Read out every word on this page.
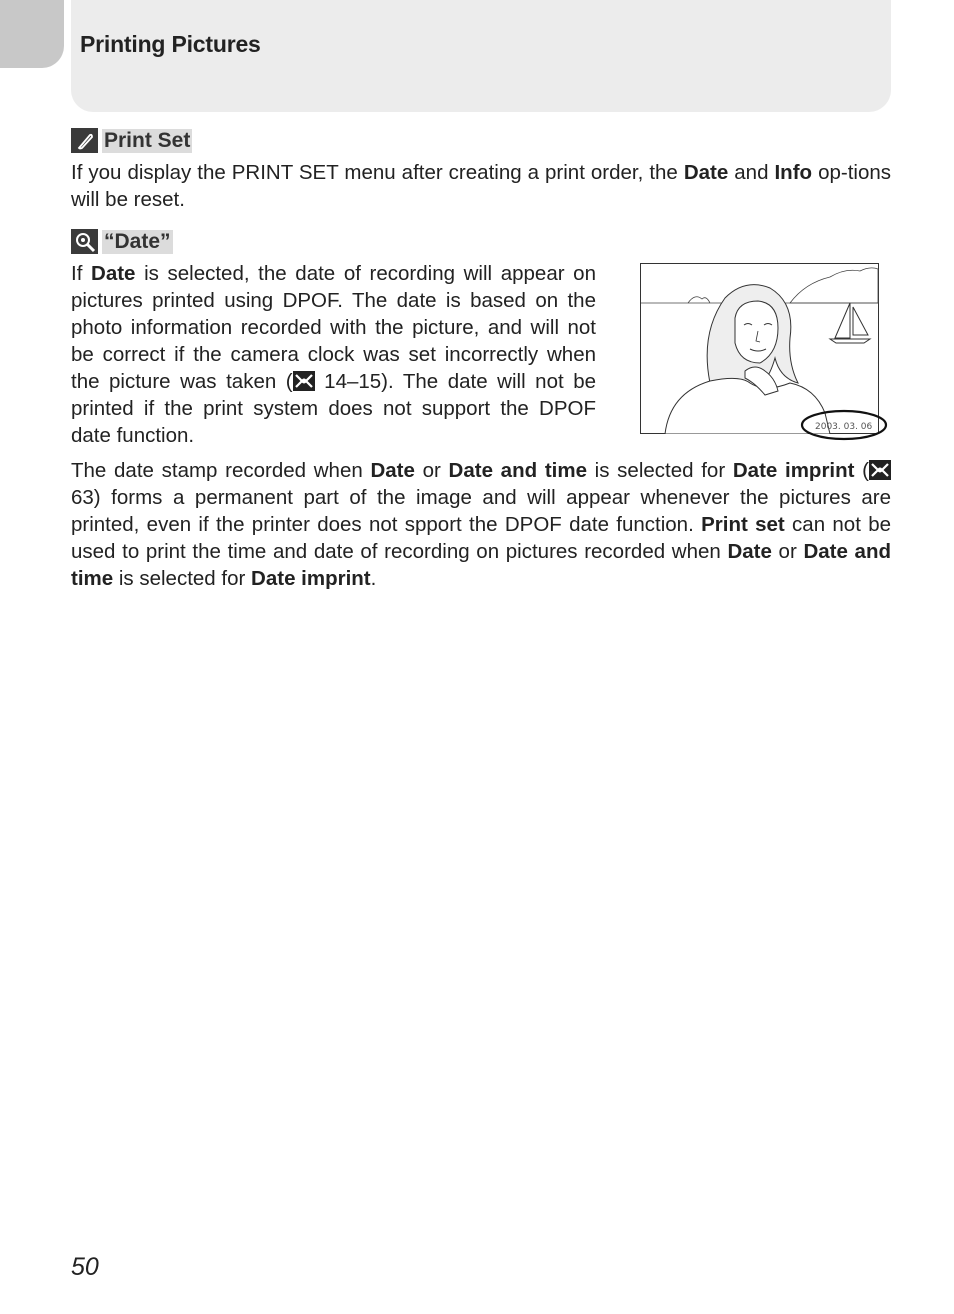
Printing Pictures
Print Set
If you display the PRINT SET menu after creating a print order, the Date and Info op-tions will be reset.
“Date”
If Date is selected, the date of recording will appear on pictures printed using DPOF. The date is based on the photo information recorded with the picture, and will not be correct if the camera clock was set incorrectly when the picture was taken ( 14–15). The date will not be printed if the print system does not support the DPOF date function.	2003. 03. 06
The date stamp recorded when Date or Date and time is selected for Date imprint ( 63) forms a permanent part of the image and will appear whenever the pictures are printed, even if the printer does not spport the DPOF date function. Print set can not be used to print the time and date of recording on pictures recorded when Date or Date and time is selected for Date imprint.
50
